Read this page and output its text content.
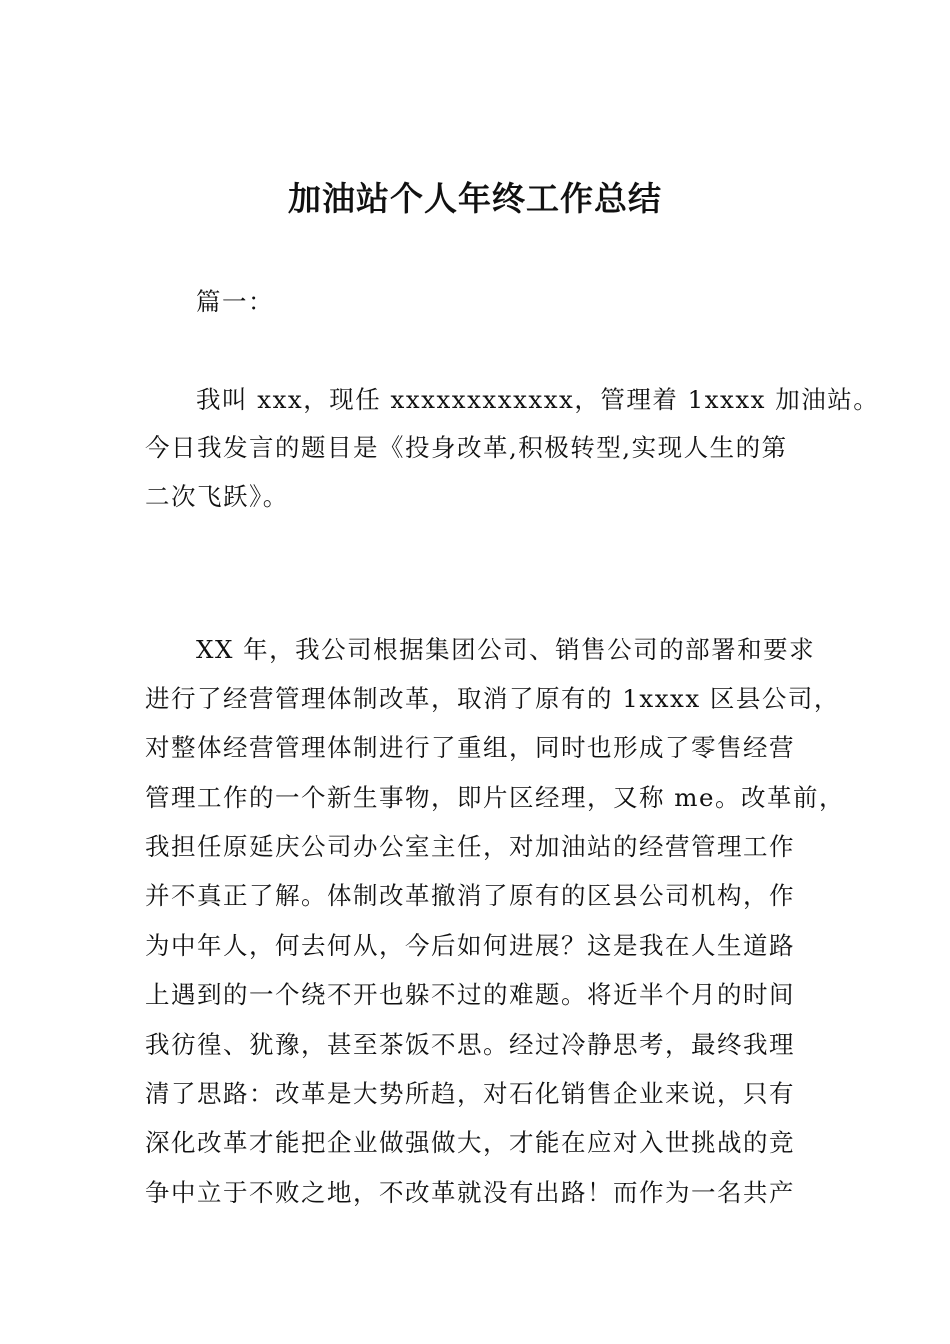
加油站个人年终工作总结
篇一：
我叫 xxx，现任 xxxxxxxxxxxx，管理着 1xxxx 加油站。
今日我发言的题目是《投身改革,积极转型,实现人生的第
二次飞跃》。
XX 年，我公司根据集团公司、销售公司的部署和要求
进行了经营管理体制改革，取消了原有的 1xxxx 区县公司，
对整体经营管理体制进行了重组，同时也形成了零售经营
管理工作的一个新生事物，即片区经理，又称 me。改革前，
我担任原延庆公司办公室主任，对加油站的经营管理工作
并不真正了解。体制改革撤消了原有的区县公司机构，作
为中年人，何去何从，今后如何进展？这是我在人生道路
上遇到的一个绕不开也躲不过的难题。将近半个月的时间
我彷徨、犹豫，甚至茶饭不思。经过冷静思考，最终我理
清了思路：改革是大势所趋，对石化销售企业来说，只有
深化改革才能把企业做强做大，才能在应对入世挑战的竞
争中立于不败之地，不改革就没有出路！而作为一名共产
